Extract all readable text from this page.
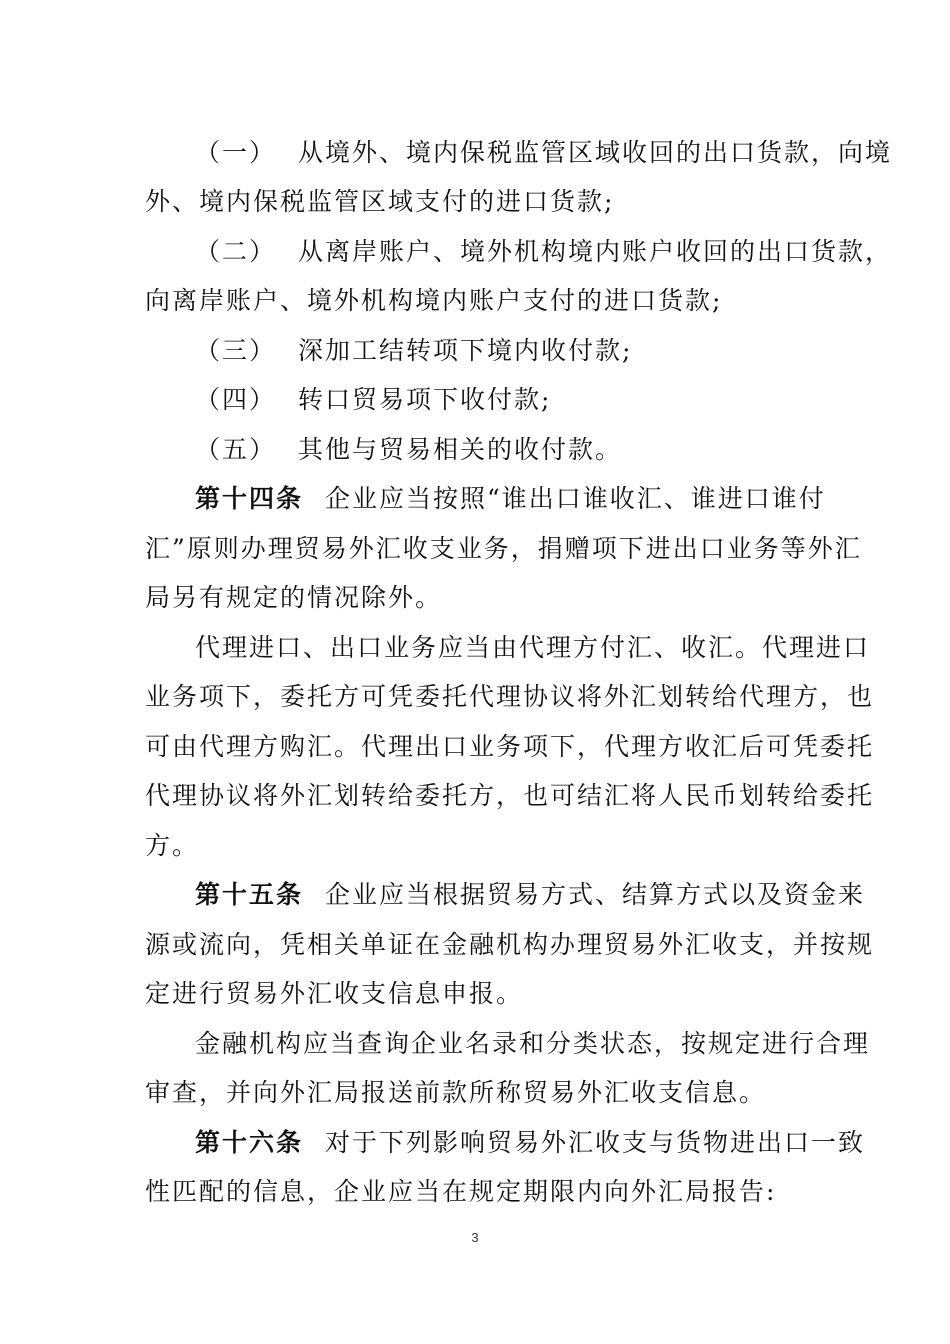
（一） 从境外、境内保税监管区域收回的出口货款，向境
外、境内保税监管区域支付的进口货款;
（二） 从离岸账户、境外机构境内账户收回的出口货款，
向离岸账户、境外机构境内账户支付的进口货款;
（三） 深加工结转项下境内收付款;
（四） 转口贸易项下收付款;
（五） 其他与贸易相关的收付款。
第十四条 企业应当按照“谁出口谁收汇、谁进口谁付
汇”原则办理贸易外汇收支业务，捐赠项下进出口业务等外汇
局另有规定的情况除外。
代理进口、出口业务应当由代理方付汇、收汇。代理进口
业务项下，委托方可凭委托代理协议将外汇划转给代理方，也
可由代理方购汇。代理出口业务项下，代理方收汇后可凭委托
代理协议将外汇划转给委托方，也可结汇将人民币划转给委托
方。
第十五条 企业应当根据贸易方式、结算方式以及资金来
源或流向，凭相关单证在金融机构办理贸易外汇收支，并按规
定进行贸易外汇收支信息申报。
金融机构应当查询企业名录和分类状态，按规定进行合理
审查，并向外汇局报送前款所称贸易外汇收支信息。
第十六条 对于下列影响贸易外汇收支与货物进出口一致
性匹配的信息，企业应当在规定期限内向外汇局报告:
3
